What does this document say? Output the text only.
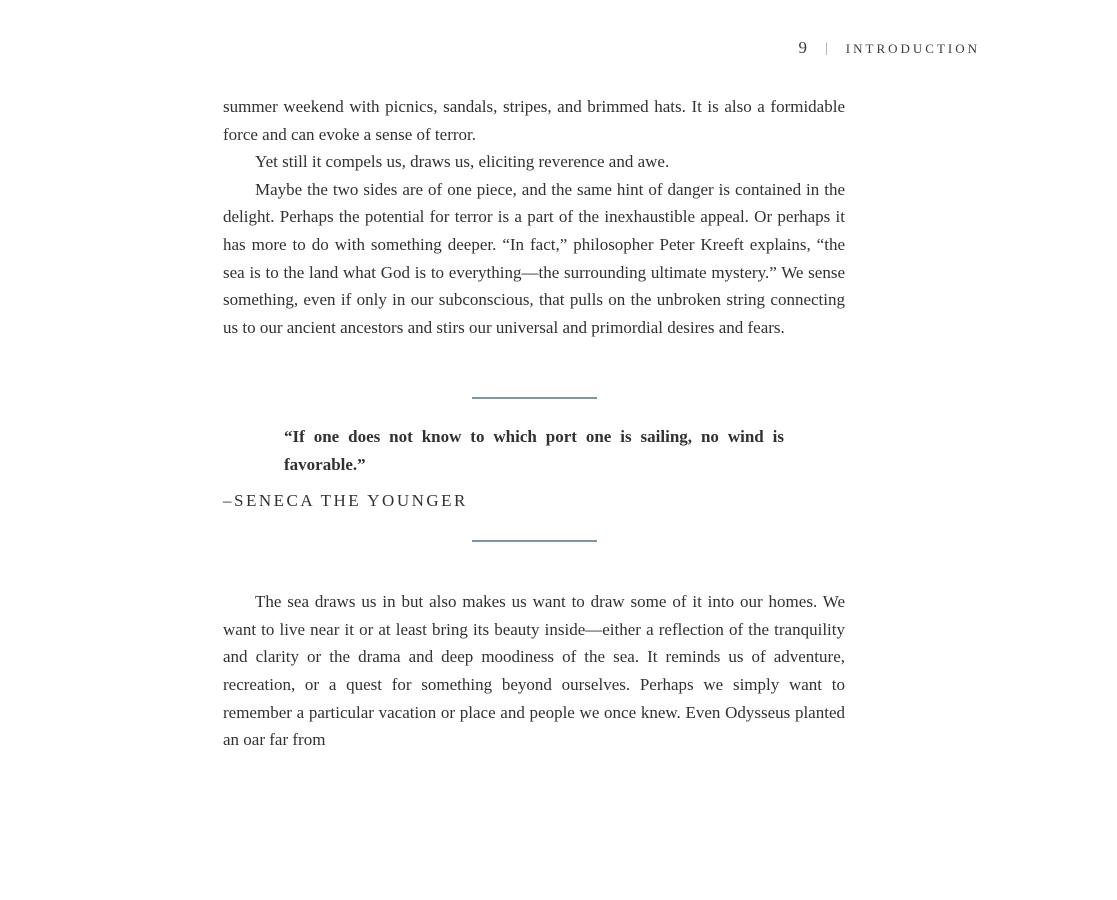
9 | INTRODUCTION

summer weekend with picnics, sandals, stripes, and brimmed hats. It is also a formidable force and can evoke a sense of terror.

Yet still it compels us, draws us, eliciting reverence and awe.

Maybe the two sides are of one piece, and the same hint of danger is contained in the delight. Perhaps the potential for terror is a part of the inexhaustible appeal. Or perhaps it has more to do with something deeper. “In fact,” philosopher Peter Kreeft explains, “the sea is to the land what God is to everything—the surrounding ultimate mystery.” We sense something, even if only in our subconscious, that pulls on the unbroken string connecting us to our ancient ancestors and stirs our universal and primordial desires and fears.

“If one does not know to which port one is sailing, no wind is favorable.”

–SENECA THE YOUNGER

The sea draws us in but also makes us want to draw some of it into our homes. We want to live near it or at least bring its beauty inside—either a reflection of the tranquility and clarity or the drama and deep moodiness of the sea. It reminds us of adventure, recreation, or a quest for something beyond ourselves. Perhaps we simply want to remember a particular vacation or place and people we once knew. Even Odysseus planted an oar far from
